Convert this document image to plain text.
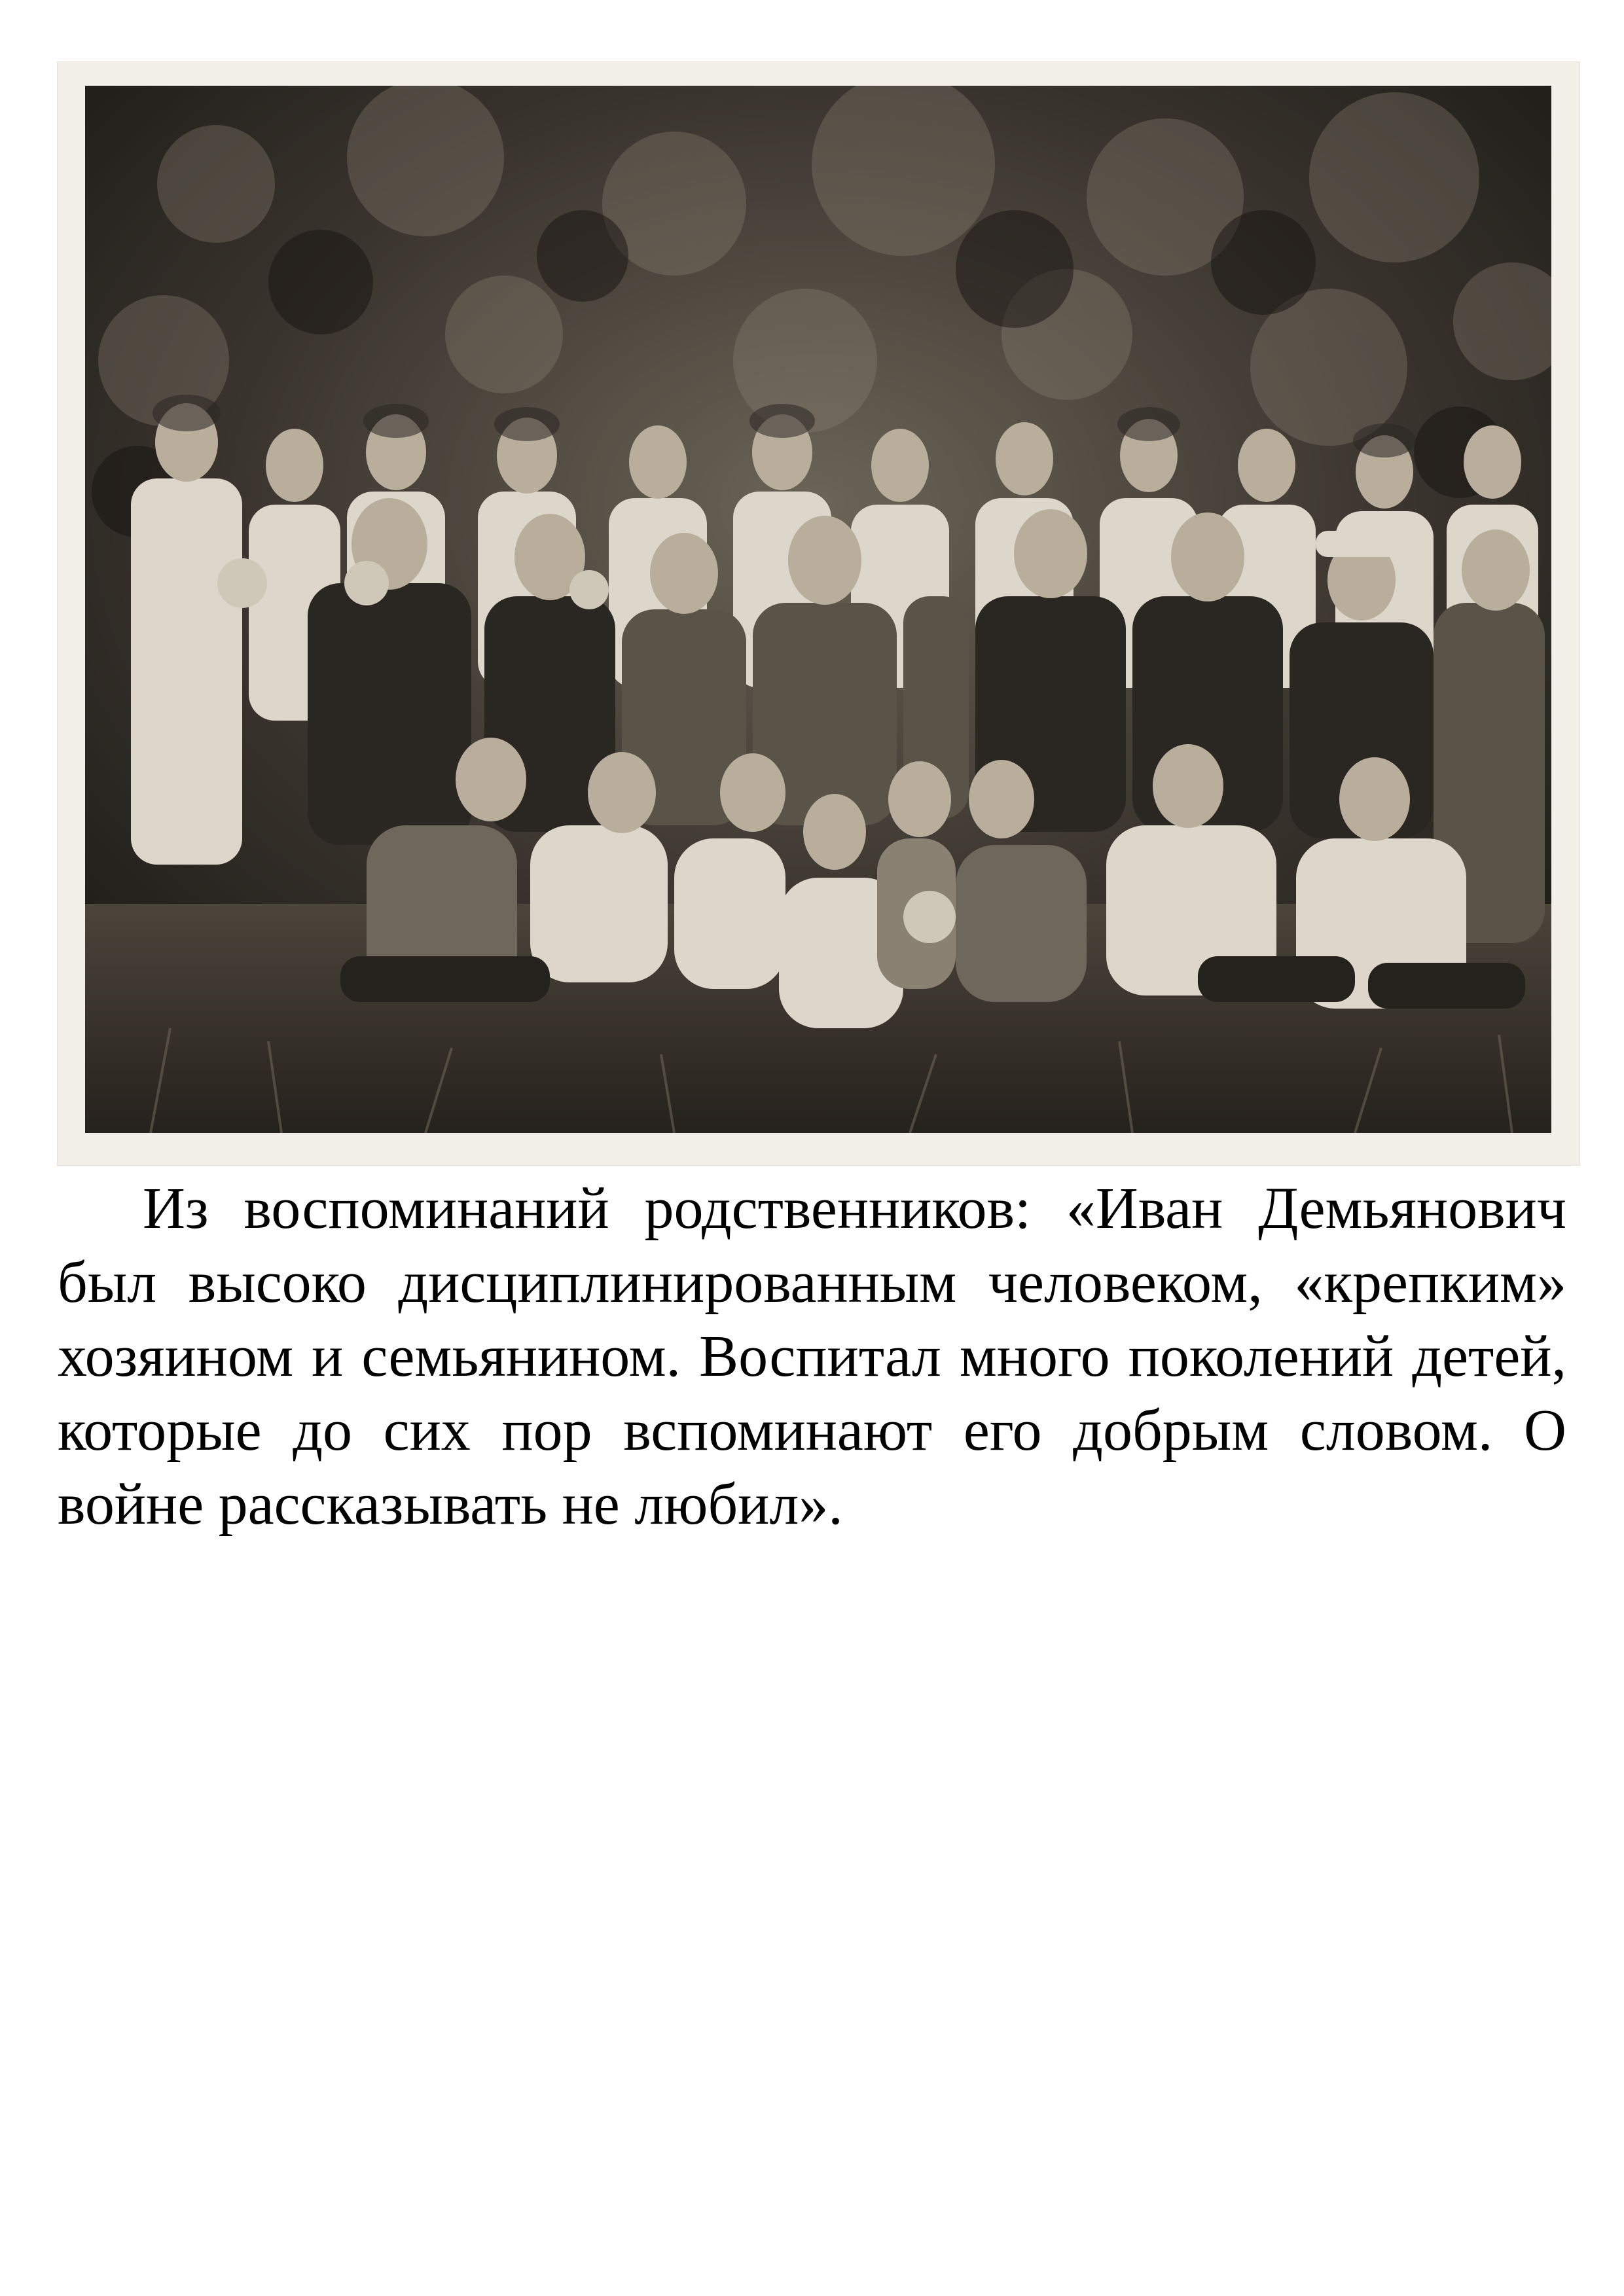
Из воспоминаний родственников: «Иван Демьянович был высоко дисциплинированным человеком, «крепким» хозяином и семьянином. Воспитал много поколений детей, которые до сих пор вспоминают его добрым словом. О войне рассказывать не любил».
